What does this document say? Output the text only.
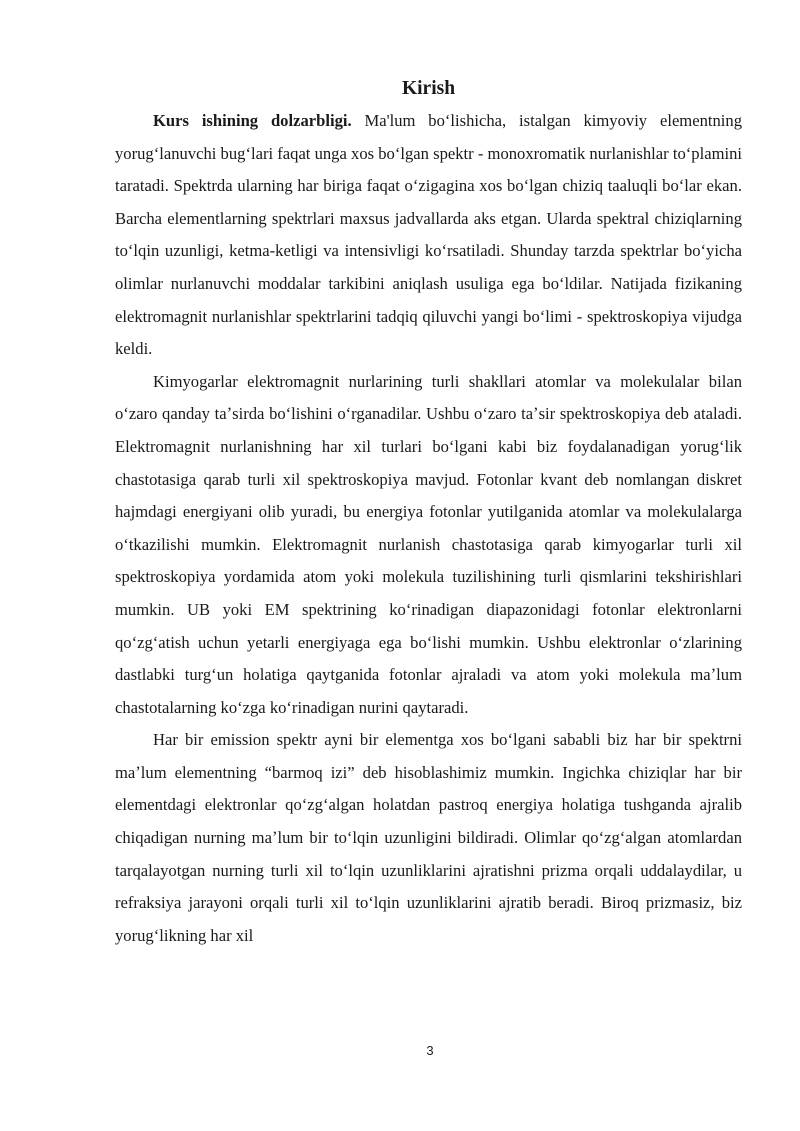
Kirish

Kurs ishining dolzarbligi. Ma'lum boʻlishicha, istalgan kimyoviy elementning yorugʻlanuvchi bugʻlari faqat unga xos boʻlgan spektr - monoxromatik nurlanishlar toʻplamini taratadi. Spektrda ularning har biriga faqat oʻzigagina xos boʻlgan chiziq taaluqli boʻlar ekan. Barcha elementlarning spektrlari maxsus jadvallarda aks etgan. Ularda spektral chiziqlarning toʻlqin uzunligi, ketma-ketligi va intensivligi koʻrsatiladi. Shunday tarzda spektrlar boʻyicha olimlar nurlanuvchi moddalar tarkibini aniqlash usuliga ega boʻldilar. Natijada fizikaning elektromagnit nurlanishlar spektrlarini tadqiq qiluvchi yangi boʻlimi - spektroskopiya vijudga keldi.

Kimyogarlar elektromagnit nurlarining turli shakllari atomlar va molekulalar bilan oʻzaro qanday taʼsirda boʻlishini oʻrganadilar. Ushbu oʻzaro taʼsir spektroskopiya deb ataladi. Elektromagnit nurlanishning har xil turlari boʻlgani kabi biz foydalanadigan yorugʻlik chastotasiga qarab turli xil spektroskopiya mavjud. Fotonlar kvant deb nomlangan diskret hajmdagi energiyani olib yuradi, bu energiya fotonlar yutilganida atomlar va molekulalarga oʻtkazilishi mumkin. Elektromagnit nurlanish chastotasiga qarab kimyogarlar turli xil spektroskopiya yordamida atom yoki molekula tuzilishining turli qismlarini tekshirishlari mumkin. UB yoki EM spektrining koʻrinadigan diapazonidagi fotonlar elektronlarni qoʻzgʻatish uchun yetarli energiyaga ega boʻlishi mumkin. Ushbu elektronlar oʻzlarining dastlabki turgʻun holatiga qaytganida fotonlar ajraladi va atom yoki molekula maʼlum chastotalarning koʻzga koʻrinadigan nurini qaytaradi.

Har bir emission spektr ayni bir elementga xos boʻlgani sababli biz har bir spektrni maʼlum elementning “barmoq izi” deb hisoblashimiz mumkin. Ingichka chiziqlar har bir elementdagi elektronlar qoʻzgʻalgan holatdan pastroq energiya holatiga tushganda ajralib chiqadigan nurning maʼlum bir toʻlqin uzunligini bildiradi. Olimlar qoʻzgʻalgan atomlardan tarqalayotgan nurning turli xil toʻlqin uzunliklarini ajratishni prizma orqali uddalaydilar, u refraksiya jarayoni orqali turli xil toʻlqin uzunliklarini ajratib beradi. Biroq prizmasiz, biz yorugʻlikning har xil

3
